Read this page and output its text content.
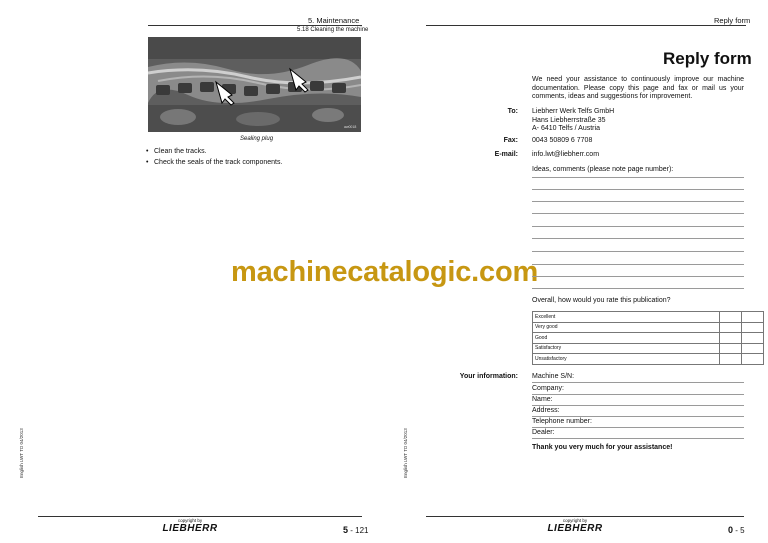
5. Maintenance
5.18 Cleaning the machine
aw0018
Sealing plug
• Clean the tracks.
• Check the seals of the track components.
English LWT TD 04/2013
copyright by
LIEBHERR	5 - 121
machinecatalogic.com
Reply form
Reply form
We need your assistance to continuously improve our machine documentation. Please copy this page and fax or mail us your comments, ideas and suggestions for improvement.
To: Liebherr Werk Telfs GmbH
Hans Liebherrstraße 35
A- 6410 Telfs / Austria
Fax: 0043 50809 6 7708
E-mail: info.lwt@liebherr.com
Ideas, comments (please note page number):
Overall, how would you rate this publication?
Excellent		
Very good		
Good		
Satisfactory		
Unsatisfactory		
Your information: Machine S/N:
Company:
Name:
Address:
Telephone number:
Dealer:
Thank you very much for your assistance!
English LWT TD 04/2013
copyright by
LIEBHERR	0 - 5
